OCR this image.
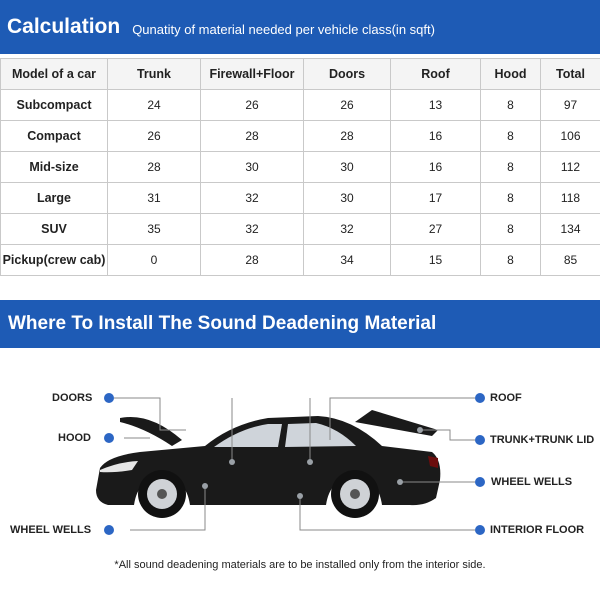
Calculation Qunatity of material needed per vehicle class(in sqft)
Model of a car	Trunk	Firewall+Floor	Doors	Roof	Hood	Total
Subcompact	24	26	26	13	8	97
Compact	26	28	28	16	8	106
Mid-size	28	30	30	16	8	112
Large	31	32	30	17	8	118
SUV	35	32	32	27	8	134
Pickup(crew cab)	0	28	34	15	8	85
Where To Install The Sound Deadening Material
DOORS
HOOD
WHEEL WELLS
ROOF
TRUNK+TRUNK LID
WHEEL WELLS
INTERIOR FLOOR
*All sound deadening materials are to be installed only from the interior side.
